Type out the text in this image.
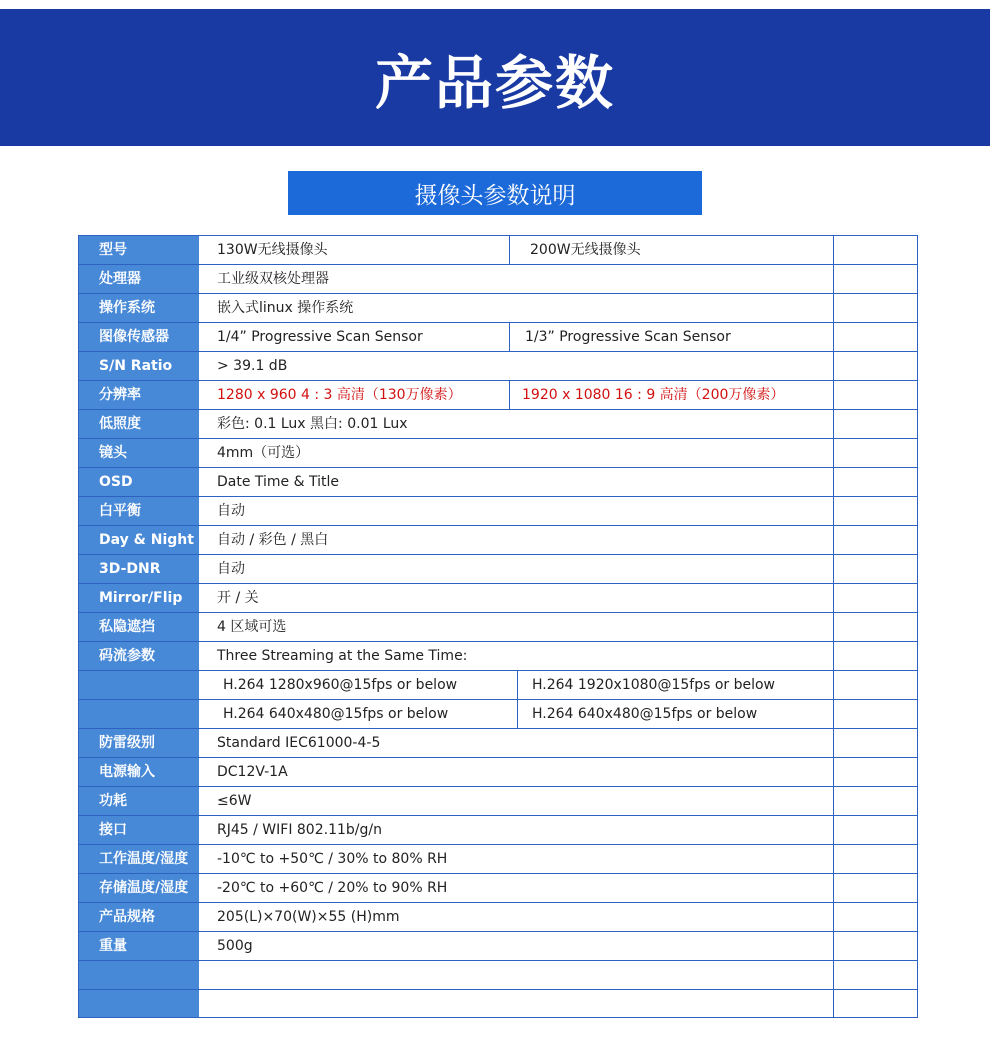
产品参数
摄像头参数说明
型号	130W无线摄像头	200W无线摄像头
处理器	工业级双核处理器
操作系统	嵌入式linux 操作系统
图像传感器	1/4” Progressive Scan Sensor	1/3” Progressive Scan Sensor
S/N Ratio	> 39.1 dB
分辨率	1280 x 960 4 : 3 高清（130万像素）	1920 x 1080 16 : 9 高清（200万像素）
低照度	彩色: 0.1 Lux 黑白: 0.01 Lux
镜头	4mm（可选）
OSD	Date Time & Title
白平衡	自动
Day & Night 自动 / 彩色 / 黑白
3D-DNR	自动
Mirror/Flip 开 / 关
私隐遮挡	4 区域可选
码流参数	Three Streaming at the Same Time:
H.264 1280x960@15fps or below	H.264 1920x1080@15fps or below
H.264 640x480@15fps or below	H.264 640x480@15fps or below
防雷级别	Standard IEC61000-4-5
电源输入	DC12V-1A
功耗	≤6W
接口	RJ45 / WIFI 802.11b/g/n
工作温度/湿度 -10℃ to +50℃ / 30% to 80% RH
存储温度/湿度 -20℃ to +60℃ / 20% to 90% RH
产品规格	205(L)×70(W)×55 (H)mm
重量	500g
